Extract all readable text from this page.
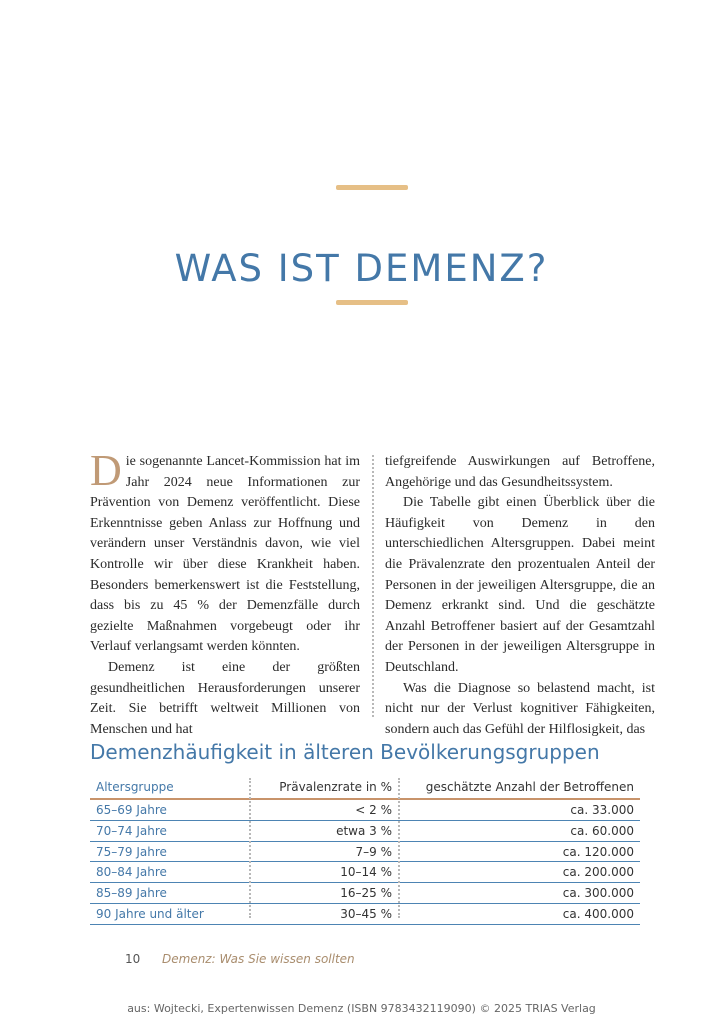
WAS IST DEMENZ?

Die sogenannte Lancet-Kommission hat im Jahr 2024 neue Informationen zur Prävention von Demenz veröffentlicht. Diese Erkenntnisse geben Anlass zur Hoffnung und verändern unser Verständnis davon, wie viel Kontrolle wir über diese Krankheit haben. Besonders bemerkenswert ist die Feststellung, dass bis zu 45 % der Demenzfälle durch gezielte Maßnahmen vorgebeugt oder ihr Verlauf verlangsamt werden könnten.

Demenz ist eine der größten gesundheitlichen Herausforderungen unserer Zeit. Sie betrifft weltweit Millionen von Menschen und hat

tiefgreifende Auswirkungen auf Betroffene, Angehörige und das Gesundheitssystem.

Die Tabelle gibt einen Überblick über die Häufigkeit von Demenz in den unterschiedlichen Altersgruppen. Dabei meint die Prävalenzrate den prozentualen Anteil der Personen in der jeweiligen Altersgruppe, die an Demenz erkrankt sind. Und die geschätzte Anzahl Betroffener basiert auf der Gesamtzahl der Personen in der jeweiligen Altersgruppe in Deutschland.

Was die Diagnose so belastend macht, ist nicht nur der Verlust kognitiver Fähigkeiten, sondern auch das Gefühl der Hilflosigkeit, das

Demenzhäufigkeit in älteren Bevölkerungsgruppen
Altersgruppe	Prävalenzrate in %	geschätzte Anzahl der Betroffenen
65–69 Jahre	< 2 %	ca. 33.000
70–74 Jahre	etwa 3 %	ca. 60.000
75–79 Jahre	7–9 %	ca. 120.000
80–84 Jahre	10–14 %	ca. 200.000
85–89 Jahre	16–25 %	ca. 300.000
90 Jahre und älter	30–45 %	ca. 400.000
10 Demenz: Was Sie wissen sollten
aus: Wojtecki, Expertenwissen Demenz (ISBN 9783432119090) © 2025 TRIAS Verlag
